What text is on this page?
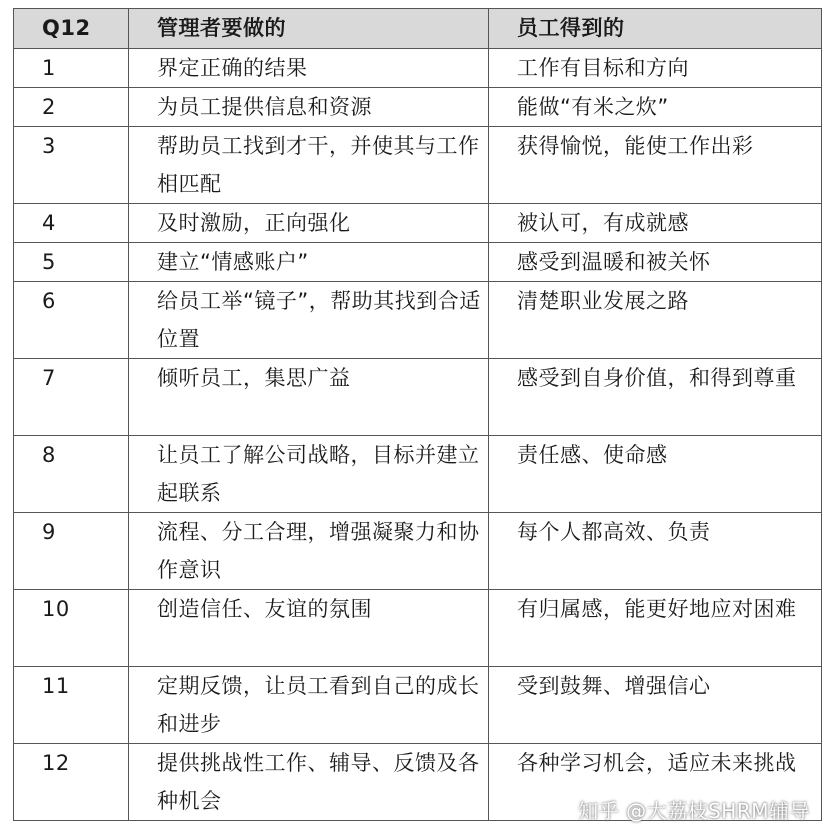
Q12	管理者要做的	员工得到的
1	界定正确的结果	工作有目标和方向
2	为员工提供信息和资源	能做“有米之炊”
3	帮助员工找到才干，并使其与工作相匹配	获得愉悦，能使工作出彩
4	及时激励，正向强化	被认可，有成就感
5	建立“情感账户”	感受到温暖和被关怀
6	给员工举“镜子”，帮助其找到合适位置	清楚职业发展之路
7	倾听员工，集思广益	感受到自身价值，和得到尊重
8	让员工了解公司战略，目标并建立起联系	责任感、使命感
9	流程、分工合理，增强凝聚力和协作意识	每个人都高效、负责
10	创造信任、友谊的氛围	有归属感，能更好地应对困难
11	定期反馈，让员工看到自己的成长和进步	受到鼓舞、增强信心
12	提供挑战性工作、辅导、反馈及各种机会	各种学习机会，适应未来挑战
知乎 @大荔枝SHRM辅导
